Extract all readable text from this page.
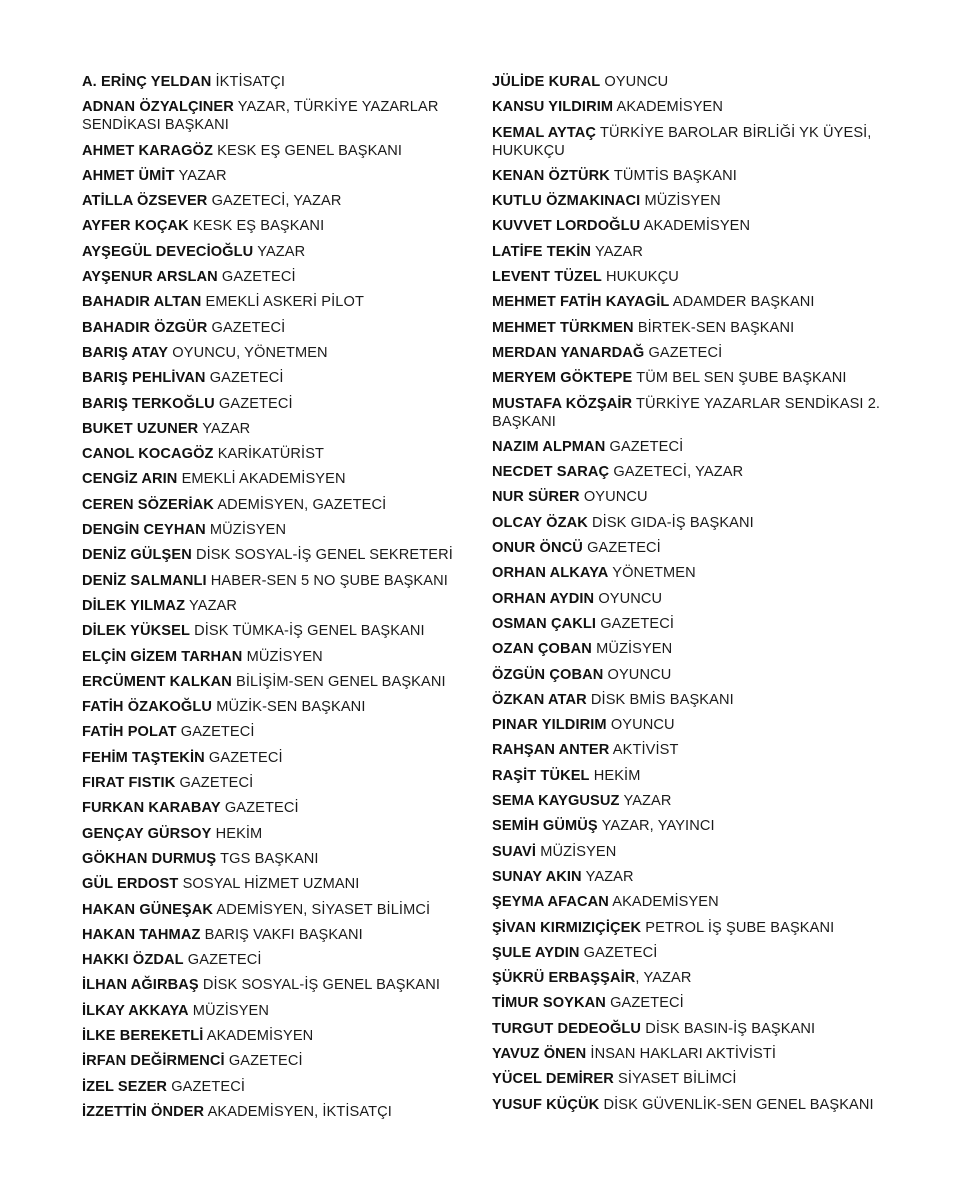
A. ERİNÇ YELDAN İKTİSATÇI
ADNAN ÖZYALÇINER YAZAR, TÜRKİYE YAZARLAR SENDİKASI BAŞKANI
AHMET KARAGÖZ KESK EŞ GENEL BAŞKANI
AHMET ÜMİT YAZAR
ATİLLA ÖZSEVER GAZETECİ, YAZAR
AYFER KOÇAK KESK EŞ BAŞKANI
AYŞEGÜL DEVECİOĞLU YAZAR
AYŞENUR ARSLAN GAZETECİ
BAHADIR ALTAN EMEKLİ ASKERİ PİLOT
BAHADIR ÖZGÜR GAZETECİ
BARIŞ ATAY OYUNCU, YÖNETMEN
BARIŞ PEHLİVAN GAZETECİ
BARIŞ TERKOĞLU GAZETECİ
BUKET UZUNER YAZAR
CANOL KOCAGÖZ KARİKATÜRİST
CENGİZ ARIN EMEKLİ AKADEMİSYEN
CEREN SÖZERİAK ADEMİSYEN, GAZETECİ
DENGİN CEYHAN MÜZİSYEN
DENİZ GÜLŞEN DİSK SOSYAL-İŞ GENEL SEKRETERİ
DENİZ SALMANLI HABER-SEN 5 NO ŞUBE BAŞKANI
DİLEK YILMAZ YAZAR
DİLEK YÜKSEL DİSK TÜMKA-İŞ GENEL BAŞKANI
ELÇİN GİZEM TARHAN MÜZİSYEN
ERCÜMENT KALKAN BİLİŞİM-SEN GENEL BAŞKANI
FATİH ÖZAKOĞLU MÜZİK-SEN BAŞKANI
FATİH POLAT GAZETECİ
FEHİM TAŞTEKİN GAZETECİ
FIRAT FISTIK GAZETECİ
FURKAN KARABAY GAZETECİ
GENÇAY GÜRSOY HEKİM
GÖKHAN DURMUŞ TGS BAŞKANI
GÜL ERDOST SOSYAL HİZMET UZMANI
HAKAN GÜNEŞAK ADEMİSYEN, SİYASET BİLİMCİ
HAKAN TAHMAZ BARIŞ VAKFI BAŞKANI
HAKKI ÖZDAL GAZETECİ
İLHAN AĞIRBAŞ DİSK SOSYAL-İŞ GENEL BAŞKANI
İLKAY AKKAYA MÜZİSYEN
İLKE BEREKETLİ AKADEMİSYEN
İRFAN DEĞİRMENCİ GAZETECİ
İZEL SEZER GAZETECİ
İZZETTİN ÖNDER AKADEMİSYEN, İKTİSATÇI
JÜLİDE KURAL OYUNCU
KANSU YILDIRIM AKADEMİSYEN
KEMAL AYTAÇ TÜRKİYE BAROLAR BİRLİĞİ YK ÜYESİ, HUKUKÇU
KENAN ÖZTÜRK TÜMTİS BAŞKANI
KUTLU ÖZMAKINACI MÜZİSYEN
KUVVET LORDOĞLU AKADEMİSYEN
LATİFE TEKİN YAZAR
LEVENT TÜZEL HUKUKÇU
MEHMET FATİH KAYAGİL ADAMDER BAŞKANI
MEHMET TÜRKMEN BİRTEK-SEN BAŞKANI
MERDAN YANARDAĞ GAZETECİ
MERYEM GÖKTEPE TÜM BEL SEN ŞUBE BAŞKANI
MUSTAFA KÖZŞAİR TÜRKİYE YAZARLAR SENDİKASI 2. BAŞKANI
NAZIM ALPMAN GAZETECİ
NECDET SARAÇ GAZETECİ, YAZAR
NUR SÜRER OYUNCU
OLCAY ÖZAK DİSK GIDA-İŞ BAŞKANI
ONUR ÖNCÜ GAZETECİ
ORHAN ALKAYA YÖNETMEN
ORHAN AYDIN OYUNCU
OSMAN ÇAKLI GAZETECİ
OZAN ÇOBAN MÜZİSYEN
ÖZGÜN ÇOBAN OYUNCU
ÖZKAN ATAR DİSK BMİS BAŞKANI
PINAR YILDIRIM OYUNCU
RAHŞAN ANTER AKTİVİST
RAŞİT TÜKEL HEKİM
SEMA KAYGUSUZ YAZAR
SEMİH GÜMÜŞ YAZAR, YAYINCI
SUAVİ MÜZİSYEN
SUNAY AKIN YAZAR
ŞEYMA AFACAN AKADEMİSYEN
ŞİVAN KIRMIZIÇİÇEK PETROL İŞ ŞUBE BAŞKANI
ŞULE AYDIN GAZETECİ
ŞÜKRÜ ERBAŞŞAİR, YAZAR
TİMUR SOYKAN GAZETECİ
TURGUT DEDEOĞLU DİSK BASIN-İŞ BAŞKANI
YAVUZ ÖNEN İNSAN HAKLARI AKTİVİSTİ
YÜCEL DEMİRER SİYASET BİLİMCİ
YUSUF KÜÇÜK DİSK GÜVENLİK-SEN GENEL BAŞKANI
